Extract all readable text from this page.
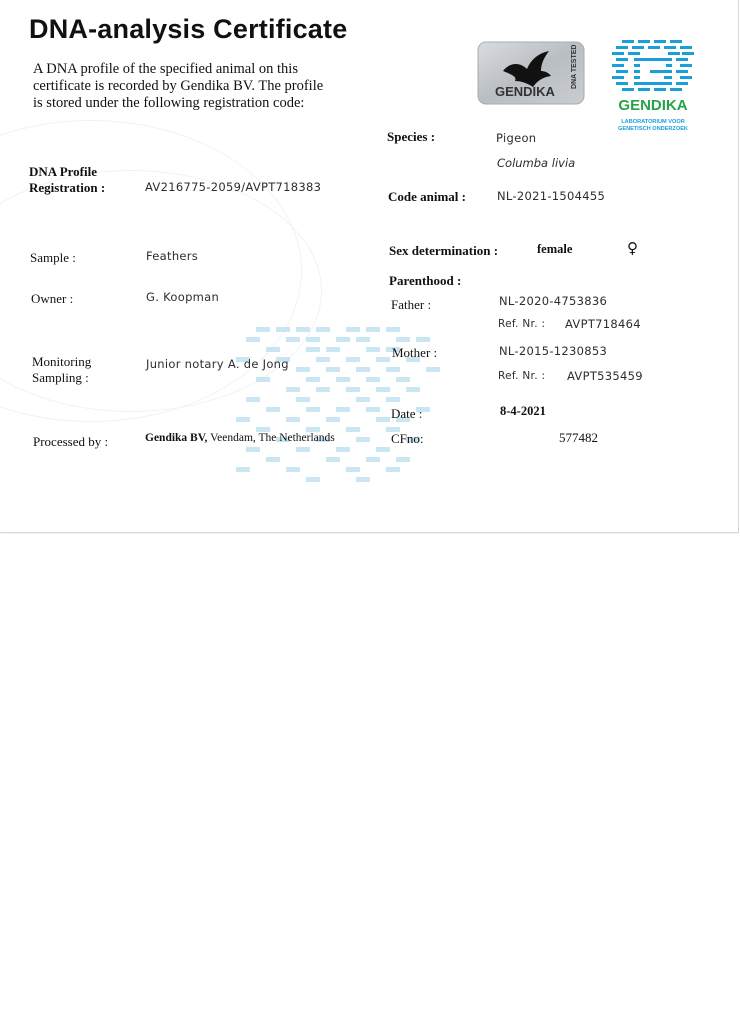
DNA-analysis Certificate
A DNA profile of the specified animal on this certificate is recorded by Gendika BV. The profile is stored under the following registration code:
GENDIKA
DNA TESTED
GENDIKA
LABORATORIUM VOOR
GENETISCH ONDERZOEK
DNA Profile
Registration :	AV216775-2059/AVPT718383
Sample :	Feathers
Owner :	G. Koopman
Monitoring
Sampling :
Junior notary A. de Jong
Processed by :	Gendika BV, Veendam, The Netherlands
Species :	Pigeon
Columba livia
Code animal :	NL-2021-1504455
Sex determination :	female	♀
Parenthood :
Father :	NL-2020-4753836
Ref. Nr. : AVPT718464
Mother :	NL-2015-1230853
Ref. Nr. : AVPT535459
Date :	8-4-2021
CFno:	577482
